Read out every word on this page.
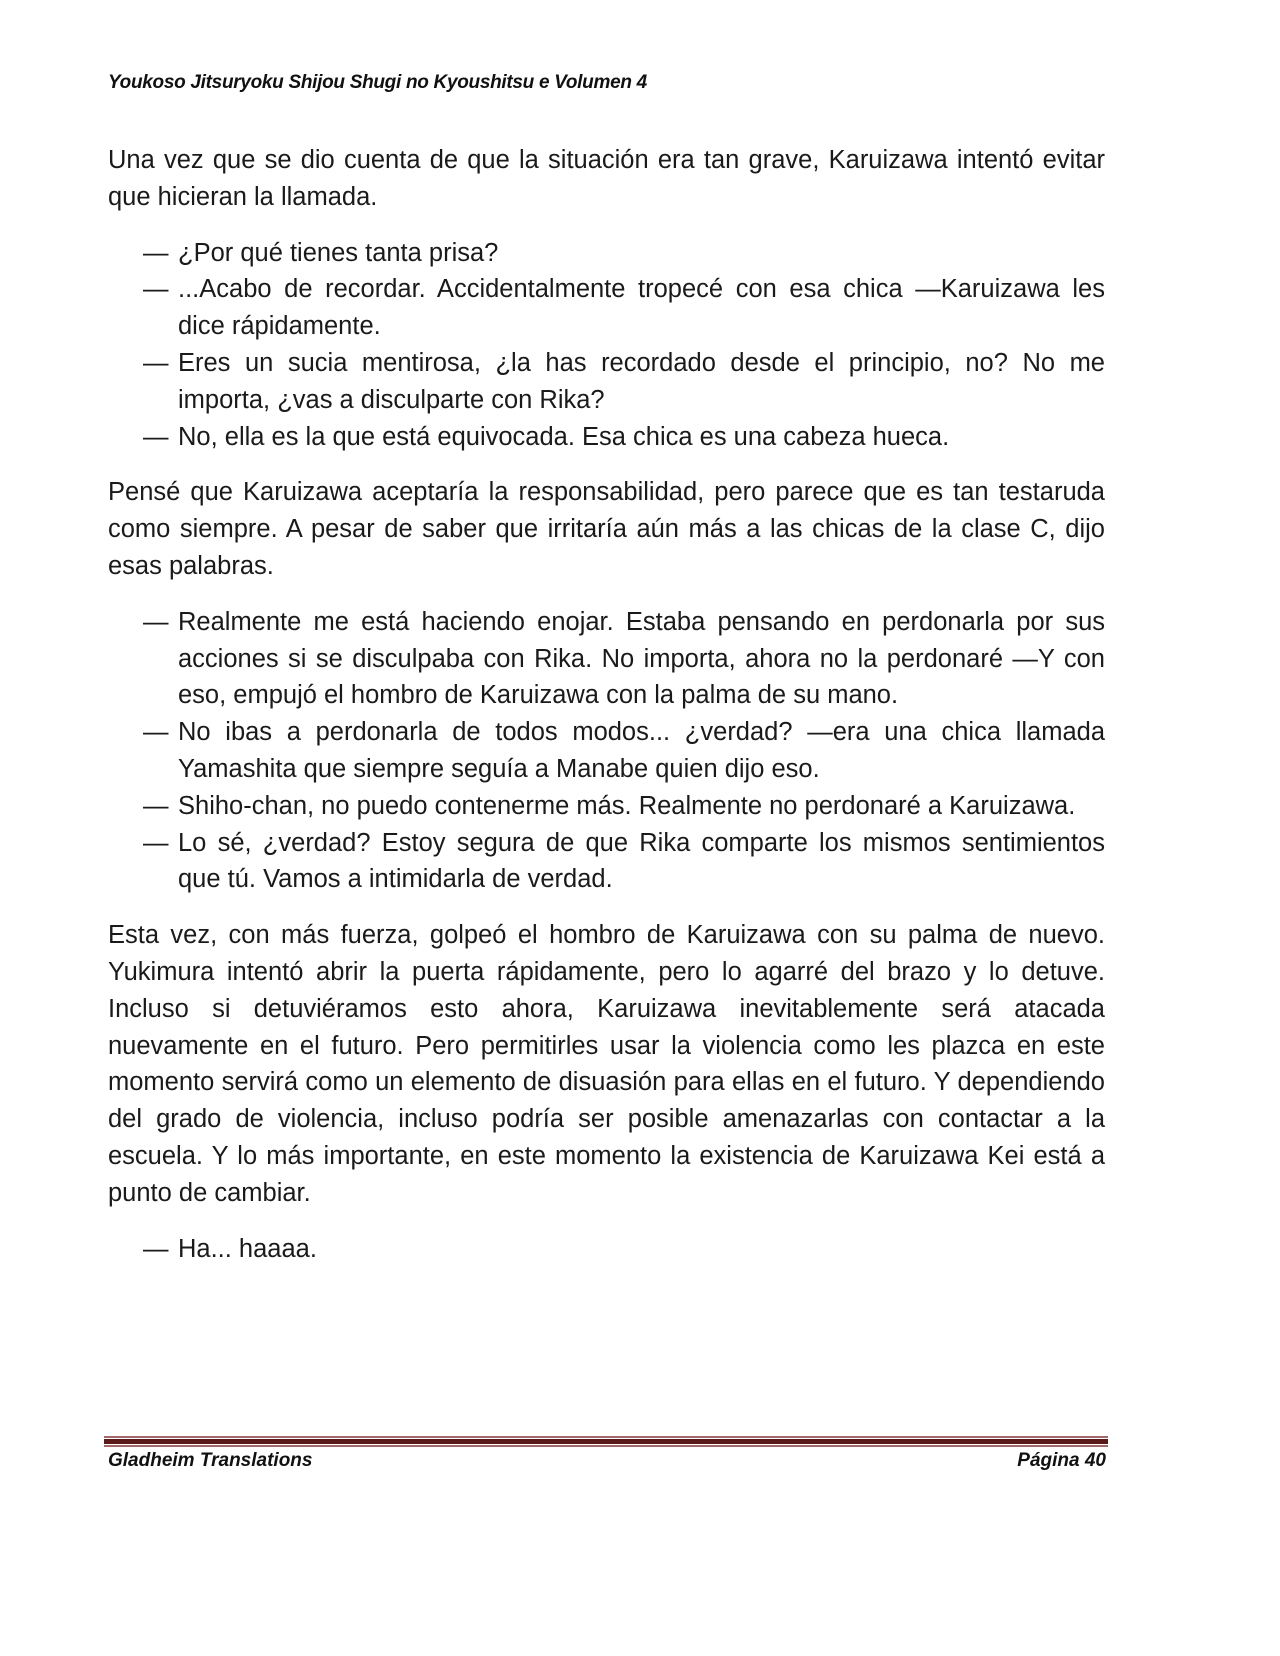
Youkoso Jitsuryoku Shijou Shugi no Kyoushitsu e Volumen 4

Una vez que se dio cuenta de que la situación era tan grave, Karuizawa intentó evitar que hicieran la llamada.

— ¿Por qué tienes tanta prisa?
— ...Acabo de recordar. Accidentalmente tropecé con esa chica —Karuizawa les dice rápidamente.
— Eres un sucia mentirosa, ¿la has recordado desde el principio, no? No me importa, ¿vas a disculparte con Rika?
— No, ella es la que está equivocada. Esa chica es una cabeza hueca.

Pensé que Karuizawa aceptaría la responsabilidad, pero parece que es tan testaruda como siempre. A pesar de saber que irritaría aún más a las chicas de la clase C, dijo esas palabras.

— Realmente me está haciendo enojar. Estaba pensando en perdonarla por sus acciones si se disculpaba con Rika. No importa, ahora no la perdonaré —Y con eso, empujó el hombro de Karuizawa con la palma de su mano.
— No ibas a perdonarla de todos modos... ¿verdad? —era una chica llamada Yamashita que siempre seguía a Manabe quien dijo eso.
— Shiho-chan, no puedo contenerme más. Realmente no perdonaré a Karuizawa.
— Lo sé, ¿verdad? Estoy segura de que Rika comparte los mismos sentimientos que tú. Vamos a intimidarla de verdad.

Esta vez, con más fuerza, golpeó el hombro de Karuizawa con su palma de nuevo. Yukimura intentó abrir la puerta rápidamente, pero lo agarré del brazo y lo detuve. Incluso si detuviéramos esto ahora, Karuizawa inevitablemente será atacada nuevamente en el futuro. Pero permitirles usar la violencia como les plazca en este momento servirá como un elemento de disuasión para ellas en el futuro. Y dependiendo del grado de violencia, incluso podría ser posible amenazarlas con contactar a la escuela. Y lo más importante, en este momento la existencia de Karuizawa Kei está a punto de cambiar.

— Ha... haaaa.
Gladheim Translations	Página 40
